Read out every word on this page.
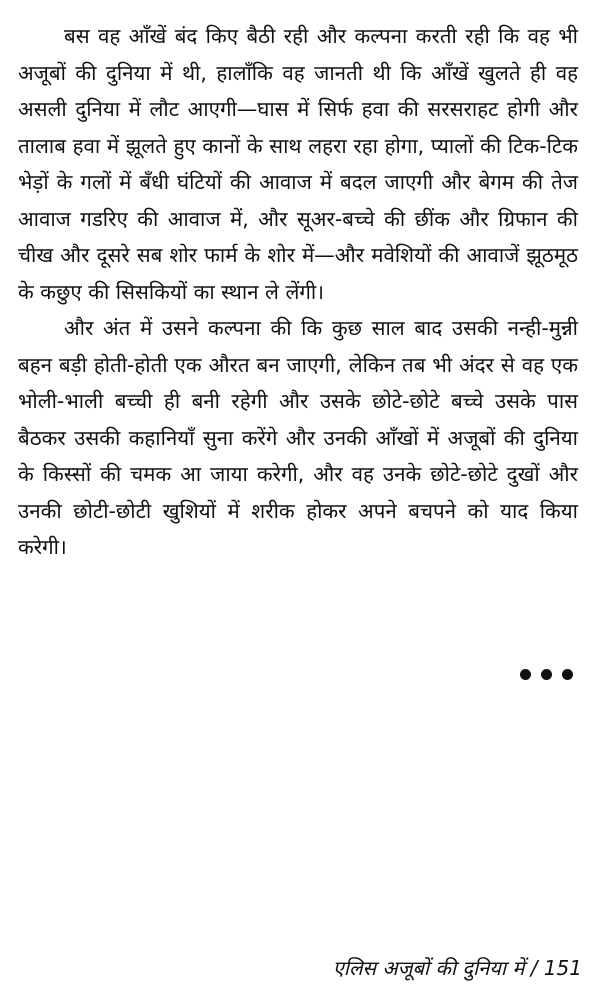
बस वह आँखें बंद किए बैठी रही और कल्पना करती रही कि वह भी अजूबों की दुनिया में थी, हालाँकि वह जानती थी कि आँखें खुलते ही वह असली दुनिया में लौट आएगी—घास में सिर्फ हवा की सरसराहट होगी और तालाब हवा में झूलते हुए कानों के साथ लहरा रहा होगा, प्यालों की टिक-टिक भेड़ों के गलों में बँधी घंटियों की आवाज में बदल जाएगी और बेगम की तेज आवाज गडरिए की आवाज में, और सूअर-बच्चे की छींक और ग्रिफान की चीख और दूसरे सब शोर फार्म के शोर में—और मवेशियों की आवाजें झूठमूठ के कछुए की सिसकियों का स्थान ले लेंगी।

और अंत में उसने कल्पना की कि कुछ साल बाद उसकी नन्ही-मुन्नी बहन बड़ी होती-होती एक औरत बन जाएगी, लेकिन तब भी अंदर से वह एक भोली-भाली बच्ची ही बनी रहेगी और उसके छोटे-छोटे बच्चे उसके पास बैठकर उसकी कहानियाँ सुना करेंगे और उनकी आँखों में अजूबों की दुनिया के किस्सों की चमक आ जाया करेगी, और वह उनके छोटे-छोटे दुखों और उनकी छोटी-छोटी खुशियों में शरीक होकर अपने बचपने को याद किया करेगी।

एलिस अजूबों की दुनिया में / 151
